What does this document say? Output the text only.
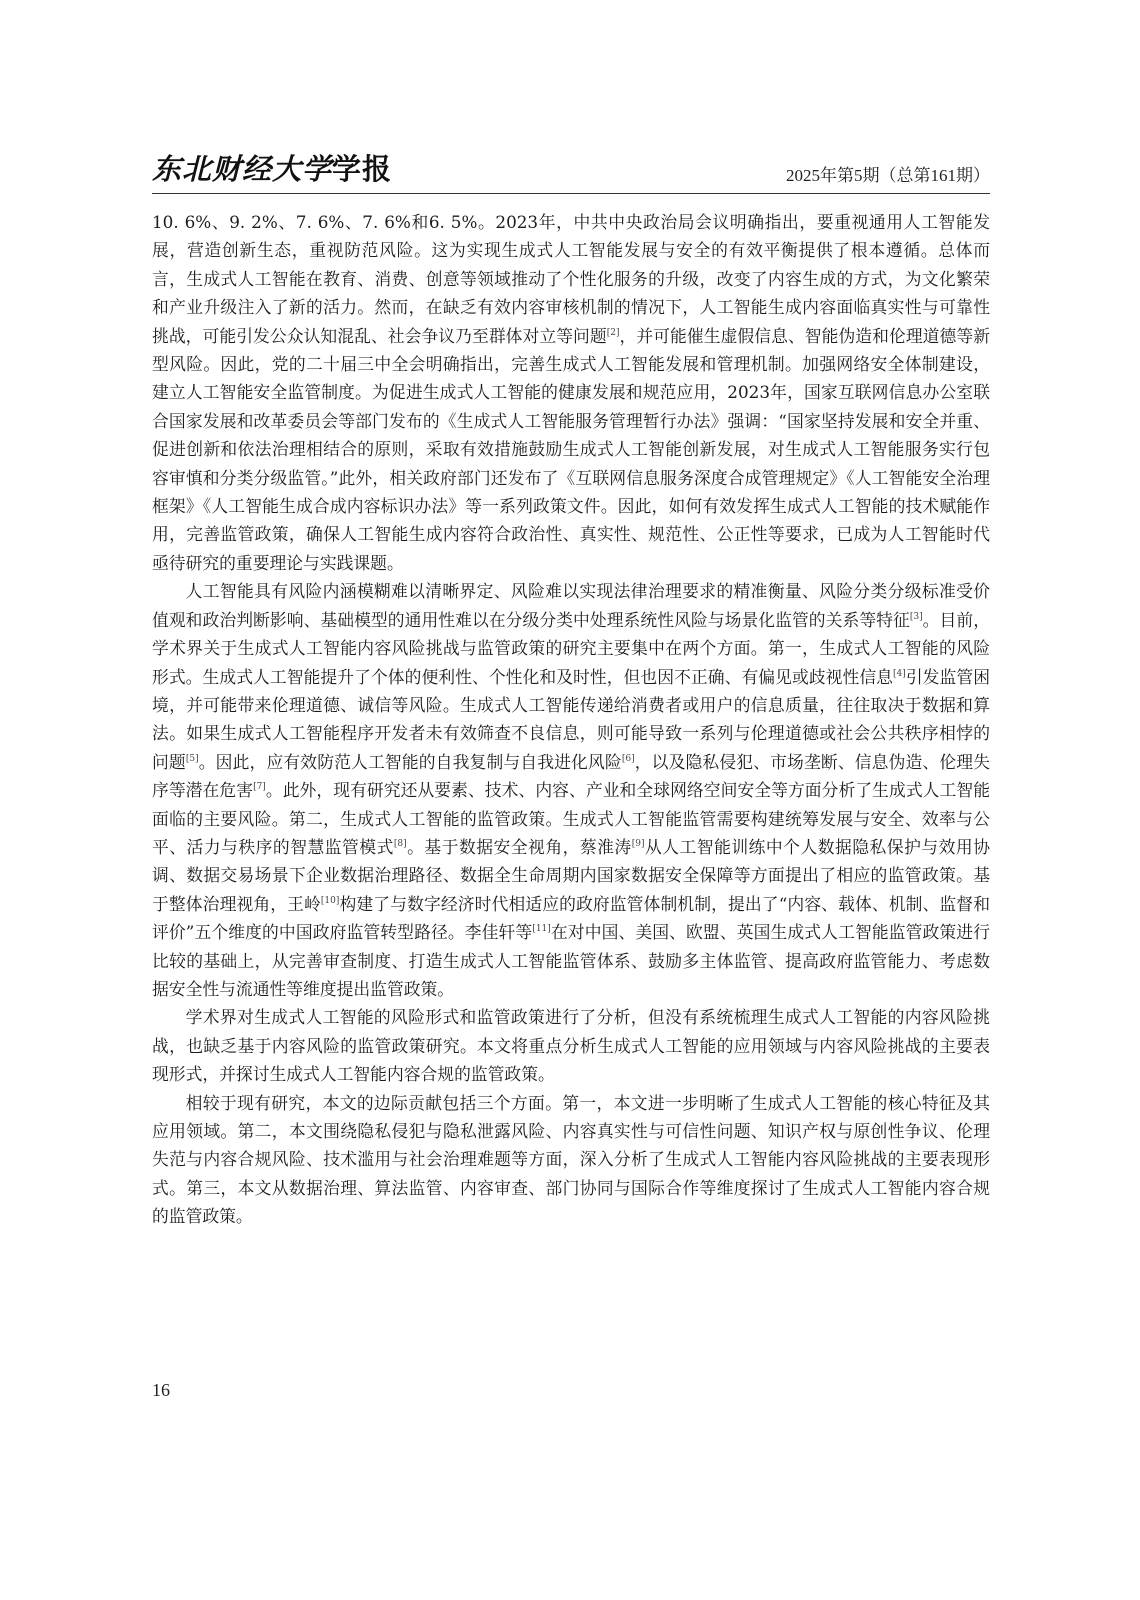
东北财经大学学报	2025年第5期（总第161期）

10. 6%、9. 2%、7. 6%、7. 6%和6. 5%。2023年，中共中央政治局会议明确指出，要重视通用人工智能发展，营造创新生态，重视防范风险。这为实现生成式人工智能发展与安全的有效平衡提供了根本遵循。总体而言，生成式人工智能在教育、消费、创意等领域推动了个性化服务的升级，改变了内容生成的方式，为文化繁荣和产业升级注入了新的活力。然而，在缺乏有效内容审核机制的情况下，人工智能生成内容面临真实性与可靠性挑战，可能引发公众认知混乱、社会争议乃至群体对立等问题[2]，并可能催生虚假信息、智能伪造和伦理道德等新型风险。因此，党的二十届三中全会明确指出，完善生成式人工智能发展和管理机制。加强网络安全体制建设，建立人工智能安全监管制度。为促进生成式人工智能的健康发展和规范应用，2023年，国家互联网信息办公室联合国家发展和改革委员会等部门发布的《生成式人工智能服务管理暂行办法》强调：“国家坚持发展和安全并重、促进创新和依法治理相结合的原则，采取有效措施鼓励生成式人工智能创新发展，对生成式人工智能服务实行包容审慎和分类分级监管。”此外，相关政府部门还发布了《互联网信息服务深度合成管理规定》《人工智能安全治理框架》《人工智能生成合成内容标识办法》等一系列政策文件。因此，如何有效发挥生成式人工智能的技术赋能作用，完善监管政策，确保人工智能生成内容符合政治性、真实性、规范性、公正性等要求，已成为人工智能时代亟待研究的重要理论与实践课题。

人工智能具有风险内涵模糊难以清晰界定、风险难以实现法律治理要求的精准衡量、风险分类分级标准受价值观和政治判断影响、基础模型的通用性难以在分级分类中处理系统性风险与场景化监管的关系等特征[3]。目前，学术界关于生成式人工智能内容风险挑战与监管政策的研究主要集中在两个方面。第一，生成式人工智能的风险形式。生成式人工智能提升了个体的便利性、个性化和及时性，但也因不正确、有偏见或歧视性信息[4]引发监管困境，并可能带来伦理道德、诚信等风险。生成式人工智能传递给消费者或用户的信息质量，往往取决于数据和算法。如果生成式人工智能程序开发者未有效筛查不良信息，则可能导致一系列与伦理道德或社会公共秩序相悖的问题[5]。因此，应有效防范人工智能的自我复制与自我进化风险[6]，以及隐私侵犯、市场垄断、信息伪造、伦理失序等潜在危害[7]。此外，现有研究还从要素、技术、内容、产业和全球网络空间安全等方面分析了生成式人工智能面临的主要风险。第二，生成式人工智能的监管政策。生成式人工智能监管需要构建统筹发展与安全、效率与公平、活力与秩序的智慧监管模式[8]。基于数据安全视角，蔡淮涛[9]从人工智能训练中个人数据隐私保护与效用协调、数据交易场景下企业数据治理路径、数据全生命周期内国家数据安全保障等方面提出了相应的监管政策。基于整体治理视角，王岭[10]构建了与数字经济时代相适应的政府监管体制机制，提出了“内容、载体、机制、监督和评价”五个维度的中国政府监管转型路径。李佳轩等[11]在对中国、美国、欧盟、英国生成式人工智能监管政策进行比较的基础上，从完善审查制度、打造生成式人工智能监管体系、鼓励多主体监管、提高政府监管能力、考虑数据安全性与流通性等维度提出监管政策。

学术界对生成式人工智能的风险形式和监管政策进行了分析，但没有系统梳理生成式人工智能的内容风险挑战，也缺乏基于内容风险的监管政策研究。本文将重点分析生成式人工智能的应用领域与内容风险挑战的主要表现形式，并探讨生成式人工智能内容合规的监管政策。

相较于现有研究，本文的边际贡献包括三个方面。第一，本文进一步明晰了生成式人工智能的核心特征及其应用领域。第二，本文围绕隐私侵犯与隐私泄露风险、内容真实性与可信性问题、知识产权与原创性争议、伦理失范与内容合规风险、技术滥用与社会治理难题等方面，深入分析了生成式人工智能内容风险挑战的主要表现形式。第三，本文从数据治理、算法监管、内容审查、部门协同与国际合作等维度探讨了生成式人工智能内容合规的监管政策。

16
